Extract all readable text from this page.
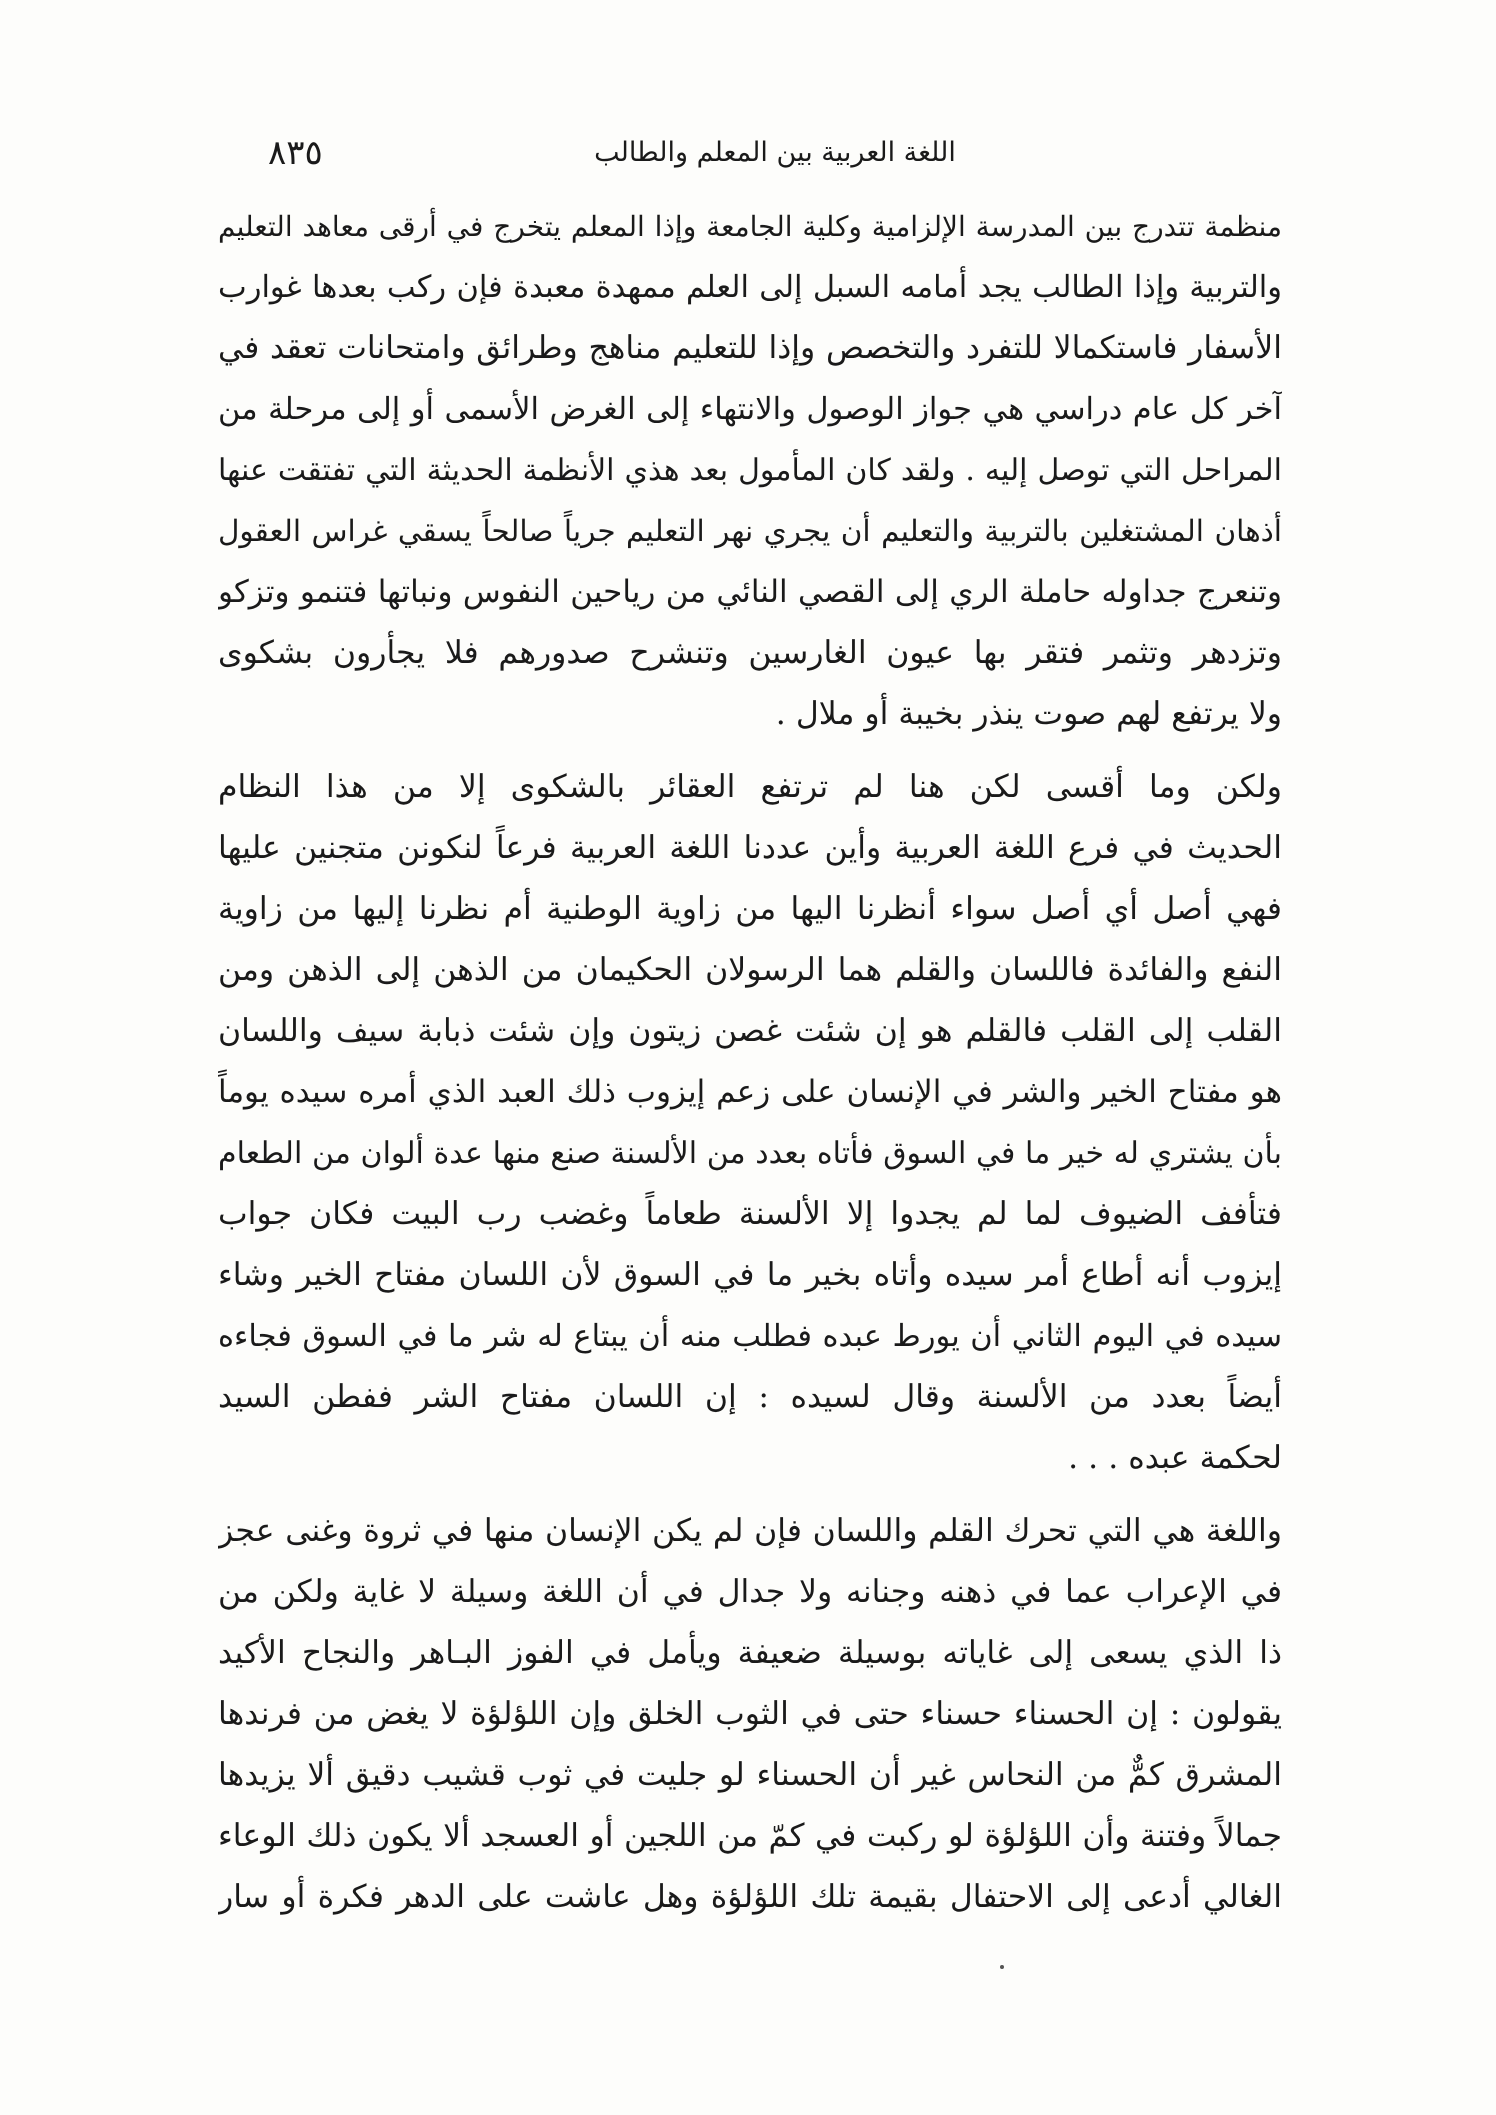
٨٣٥	اللغة العربية بين المعلم والطالب
منظمة تتدرج بين المدرسة الإلزامية وكلية الجامعة وإذا المعلم يتخرج في أرقى معاهد التعليم
والتربية وإذا الطالب يجد أمامه السبل إلى العلم ممهدة معبدة فإن ركب بعدها غوارب
الأسفار فاستكمالا للتفرد والتخصص وإذا للتعليم مناهج وطرائق وامتحانات تعقد في
آخر كل عام دراسي هي جواز الوصول والانتهاء إلى الغرض الأسمى أو إلى مرحلة من
المراحل التي توصل إليه . ولقد كان المأمول بعد هذي الأنظمة الحديثة التي تفتقت عنها
أذهان المشتغلين بالتربية والتعليم أن يجري نهر التعليم جرياً صالحاً يسقي غراس العقول
وتنعرج جداوله حاملة الري إلى القصي النائي من رياحين النفوس ونباتها فتنمو وتزكو
وتزدهر وتثمر فتقر بها عيون الغارسين وتنشرح صدورهم فلا يجأرون بشكوى
ولا يرتفع لهم صوت ينذر بخيبة أو ملال .
ولكن وما أقسى لكن هنا لم ترتفع العقائر بالشكوى إلا من هذا النظام
الحديث في فرع اللغة العربية وأين عددنا اللغة العربية فرعاً لنكونن متجنين عليها
فهي أصل أي أصل سواء أنظرنا اليها من زاوية الوطنية أم نظرنا إليها من زاوية
النفع والفائدة فاللسان والقلم هما الرسولان الحكيمان من الذهن إلى الذهن ومن
القلب إلى القلب فالقلم هو إن شئت غصن زيتون وإن شئت ذبابة سيف واللسان
هو مفتاح الخير والشر في الإنسان على زعم إيزوب ذلك العبد الذي أمره سيده يوماً
بأن يشتري له خير ما في السوق فأتاه بعدد من الألسنة صنع منها عدة ألوان من الطعام
فتأفف الضيوف لما لم يجدوا إلا الألسنة طعاماً وغضب رب البيت فكان جواب
إيزوب أنه أطاع أمر سيده وأتاه بخير ما في السوق لأن اللسان مفتاح الخير وشاء
سيده في اليوم الثاني أن يورط عبده فطلب منه أن يبتاع له شر ما في السوق فجاءه
أيضاً بعدد من الألسنة وقال لسيده : إن اللسان مفتاح الشر ففطن السيد
لحكمة عبده . . .
واللغة هي التي تحرك القلم واللسان فإن لم يكن الإنسان منها في ثروة وغنى عجز
في الإعراب عما في ذهنه وجنانه ولا جدال في أن اللغة وسيلة لا غاية ولكن من
ذا الذي يسعى إلى غاياته بوسيلة ضعيفة ويأمل في الفوز البـاهر والنجاح الأكيد
يقولون : إن الحسناء حسناء حتى في الثوب الخلق وإن اللؤلؤة لا يغض من فرندها
المشرق كمٌّ من النحاس غير أن الحسناء لو جليت في ثوب قشيب دقيق ألا يزيدها
جمالاً وفتنة وأن اللؤلؤة لو ركبت في كمّ من اللجين أو العسجد ألا يكون ذلك الوعاء
الغالي أدعى إلى الاحتفال بقيمة تلك اللؤلؤة وهل عاشت على الدهر فكرة أو سار
